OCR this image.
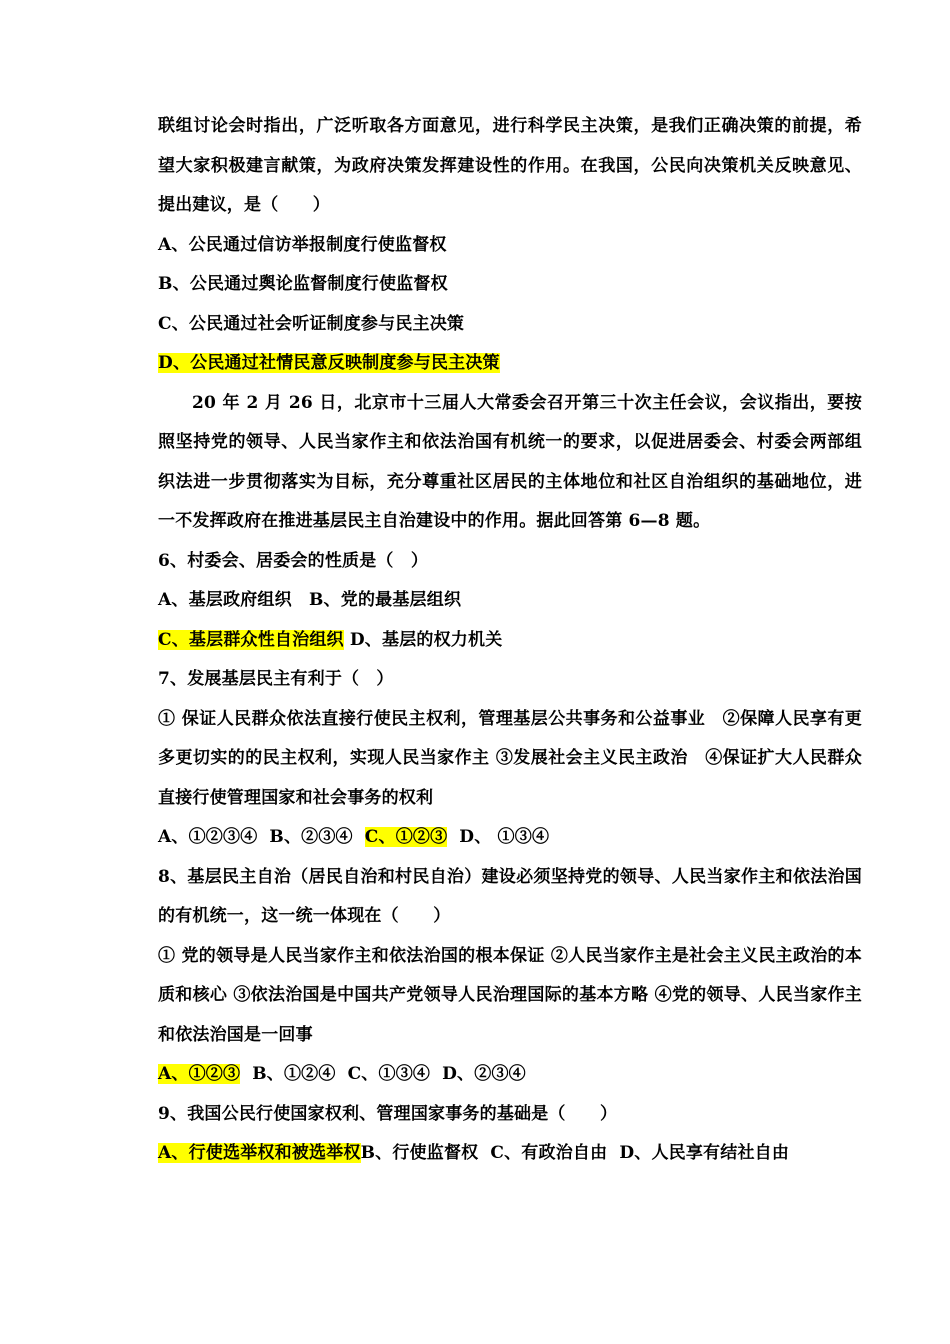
联组讨论会时指出，广泛听取各方面意见，进行科学民主决策，是我们正确决策的前提，希望大家积极建言献策，为政府决策发挥建设性的作用。在我国，公民向决策机关反映意见、提出建议，是（　　）

A、公民通过信访举报制度行使监督权

B、公民通过舆论监督制度行使监督权

C、公民通过社会听证制度参与民主决策

D、公民通过社情民意反映制度参与民主决策

20 年 2 月 26 日，北京市十三届人大常委会召开第三十次主任会议，会议指出，要按照坚持党的领导、人民当家作主和依法治国有机统一的要求，以促进居委会、村委会两部组织法进一步贯彻落实为目标，充分尊重社区居民的主体地位和社区自治组织的基础地位，进一不发挥政府在推进基层民主自治建设中的作用。据此回答第 6—8 题。

6、村委会、居委会的性质是（　）

A、基层政府组织　B、党的最基层组织

C、基层群众性自治组织 D、基层的权力机关

7、发展基层民主有利于（　）

① 保证人民群众依法直接行使民主权利，管理基层公共事务和公益事业　②保障人民享有更多更切实的的民主权利，实现人民当家作主 ③发展社会主义民主政治　④保证扩大人民群众直接行使管理国家和社会事务的权利

A、①②③④ B、②③④ C、①②③ D、 ①③④

8、基层民主自治（居民自治和村民自治）建设必须坚持党的领导、人民当家作主和依法治国的有机统一，这一统一体现在（　　）

① 党的领导是人民当家作主和依法治国的根本保证 ②人民当家作主是社会主义民主政治的本质和核心 ③依法治国是中国共产党领导人民治理国际的基本方略 ④党的领导、人民当家作主和依法治国是一回事

A、①②③ B、①②④ C、①③④ D、②③④

9、我国公民行使国家权利、管理国家事务的基础是（　　）

A、行使选举权和被选举权B、行使监督权 C、有政治自由 D、人民享有结社自由
